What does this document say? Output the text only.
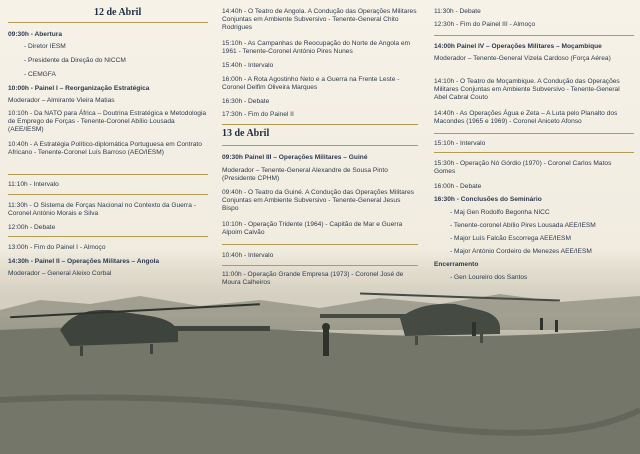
12 de Abril
09:30h - Abertura
- Diretor IESM
- Presidente da Direção do NICCM
- CEMGFA
10:00h - Painel I – Reorganização Estratégica
Moderador – Almirante Vieira Matias
10:10h - Da NATO para África – Doutrina Estratégica e Metodologia de Emprego de Forças - Tenente-Coronel Abílio Lousada (AEE/IESM)
10:40h - A Estratégia Político-diplomática Portuguesa em Contrato Africano - Tenente-Coronel Luís Barroso (AEO/IESM)
11:10h - Intervalo
11:30h - O Sistema de Forças Nacional no Contexto da Guerra - Coronel António Morais e Silva
12:00h - Debate
13:00h - Fim do Painel I - Almoço
14:30h - Painel II – Operações Militares – Angola
Moderador – General Aleixo Corbal
14:40h - O Teatro de Angola. A Condução das Operações Militares Conjuntas em Ambiente Subversivo - Tenente-General Chito Rodrigues
15:10h - As Campanhas de Reocupação do Norte de Angola em 1961 - Tenente-Coronel António Pires Nunes
15:40h - Intervalo
16:00h - A Rota Agostinho Neto e a Guerra na Frente Leste - Coronel Delfim Oliveira Marques
16:30h - Debate
17:30h - Fim do Painel II
13 de Abril
09:30h Painel III – Operações Militares – Guiné
Moderador – Tenente-General Alexandre de Sousa Pinto (Presidente CPHM)
09:40h - O Teatro da Guiné. A Condução das Operações Militares Conjuntas em Ambiente Subversivo - Tenente-General Jesus Bispo
10:10h - Operação Tridente (1964) - Capitão de Mar e Guerra Alpoim Calvão
10:40h - Intervalo
11:00h - Operação Grande Empresa (1973) - Coronel José de Moura Calheiros
11:30h - Debate
12:30h - Fim do Painel III - Almoço
14:00h Painel IV – Operações Militares – Moçambique
Moderador – Tenente-General Vizela Cardoso (Força Aérea)
14:10h - O Teatro de Moçambique. A Condução das Operações Militares Conjuntas em Ambiente Subversivo - Tenente-General Abel Cabral Couto
14:40h - As Operações Água e Zeta – A Luta pelo Planalto dos Macondes (1965 e 1969) - Coronel Aniceto Afonso
15:10h - Intervalo
15:30h - Operação Nó Górdio (1970) - Coronel Carlos Matos Gomes
16:00h - Debate
16:30h - Conclusões do Seminário
- Maj Gen Rodolfo Begonha NICC
- Tenente-coronel Abílio Pires Lousada AEE/IESM
- Major Luís Falcão Escorrega AEE/IESM
- Major António Cordeiro de Menezes AEE/IESM
Encerramento
- Gen Loureiro dos Santos
